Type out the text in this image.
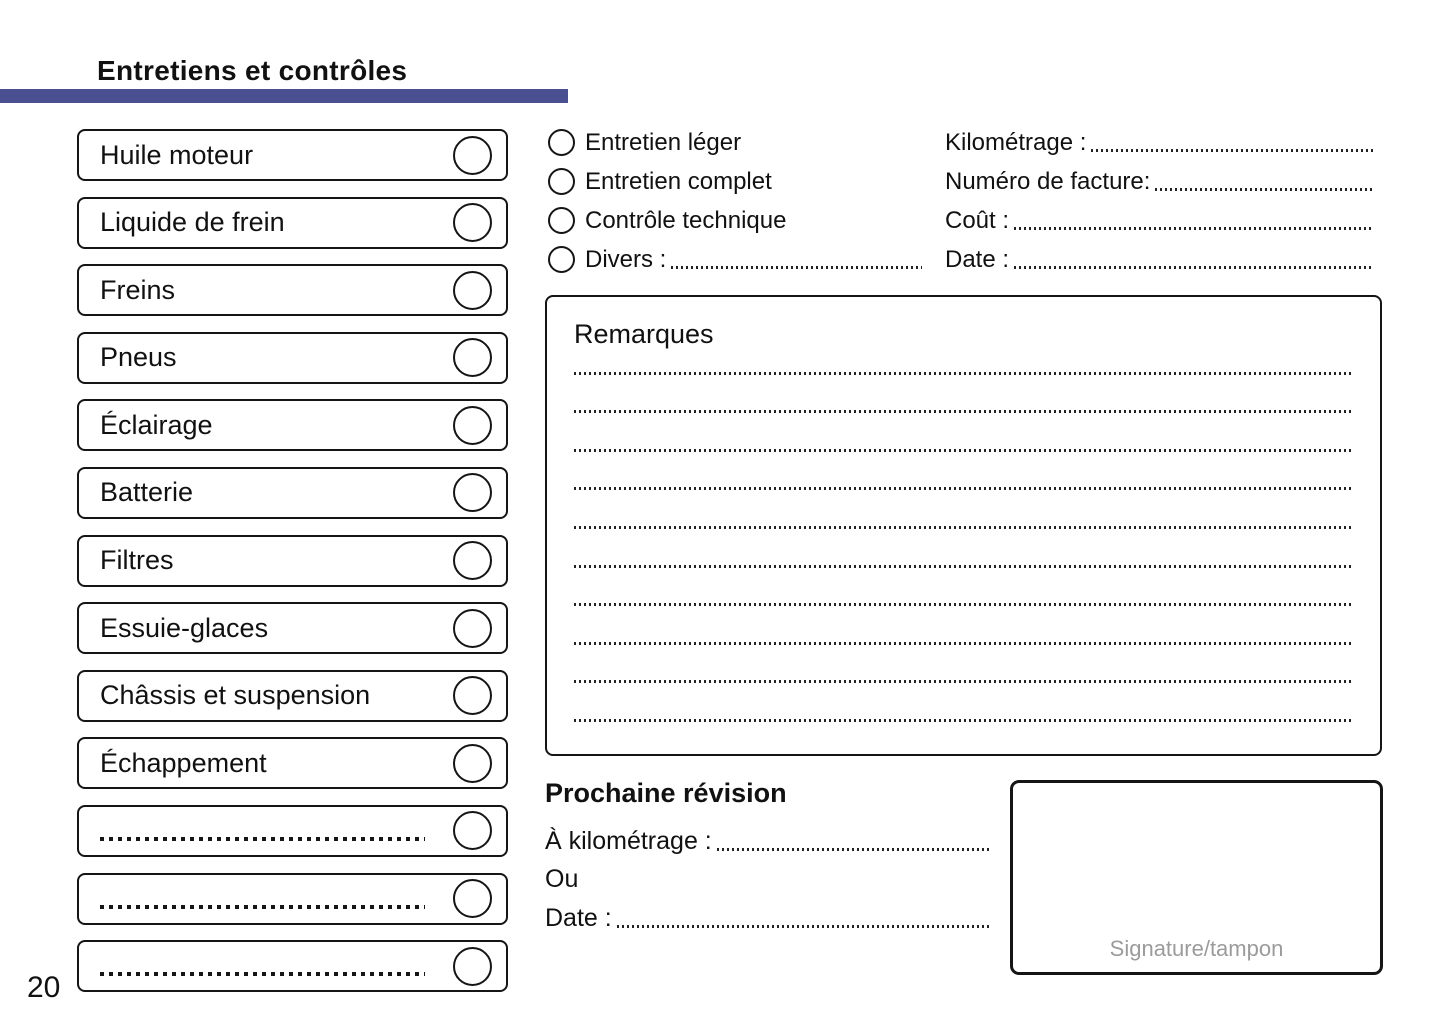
Entretiens et contrôles
Huile moteur
Liquide de frein
Freins
Pneus
Éclairage
Batterie
Filtres
Essuie-glaces
Châssis et suspension
Échappement
Entretien léger
Entretien complet
Contrôle technique
Divers :
Kilométrage :
Numéro de facture:
Coût :
Date :
Remarques
Prochaine révision
À kilométrage :
Ou
Date :
Signature/tampon
20
